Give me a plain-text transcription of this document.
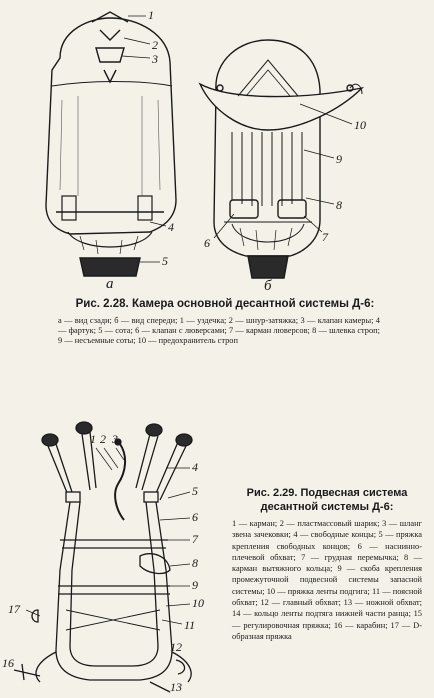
1
2
3
4
5
а
10
9
8
7
6
б
Рис. 2.28. Камера основной десантной системы Д-6:
а — вид сзади; б — вид спереди; 1 — уздечка; 2 — шнур-затяжка; 3 — клапан камеры; 4 — фартук; 5 — сота; 6 — клапан с люверсами; 7 — карман люверсов; 8 — шлевка строп; 9 — несъемные соты; 10 — предохранитель строп
1 2 3
4
5
6
7
8
9
10
11
12
13
16
17
Рис. 2.29. Подвесная система десантной системы Д-6:
1 — карман; 2 — пластмассовый шарик; 3 — шланг звена зачековки; 4 — свободные концы; 5 — пряжка крепления свободных концов; 6 — наснинно-плечевой обхват; 7 — грудная перемычка; 8 — карман вытяжного кольца; 9 — скоба крепления промежуточной подвесной системы запасной системы; 10 — пряжка ленты подгига; 11 — поясной обхват; 12 — главный обхват; 13 — ножной обхват; 14 — кольцо ленты подтяга нижней части ранца; 15 — регулировочная пряжка; 16 — карабин; 17 — D-образная пряжка
